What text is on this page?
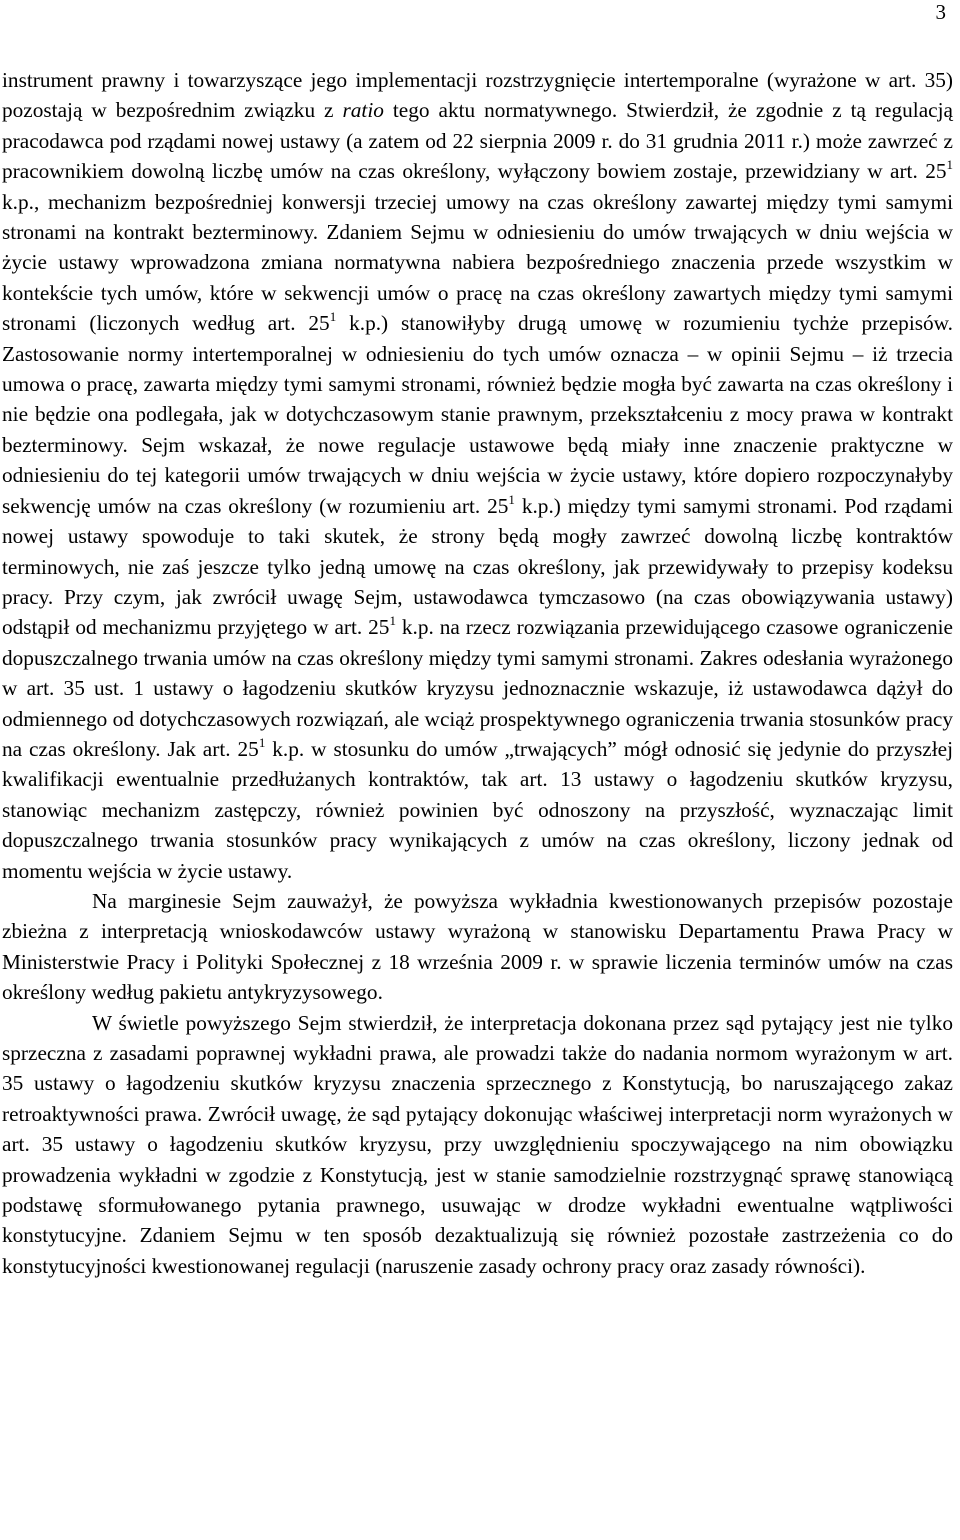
3

instrument prawny i towarzyszące jego implementacji rozstrzygnięcie intertemporalne (wyrażone w art. 35) pozostają w bezpośrednim związku z ratio tego aktu normatywnego. Stwierdził, że zgodnie z tą regulacją pracodawca pod rządami nowej ustawy (a zatem od 22 sierpnia 2009 r. do 31 grudnia 2011 r.) może zawrzeć z pracownikiem dowolną liczbę umów na czas określony, wyłączony bowiem zostaje, przewidziany w art. $25^1$ k.p., mechanizm bezpośredniej konwersji trzeciej umowy na czas określony zawartej między tymi samymi stronami na kontrakt bezterminowy. Zdaniem Sejmu w odniesieniu do umów trwających w dniu wejścia w życie ustawy wprowadzona zmiana normatywna nabiera bezpośredniego znaczenia przede wszystkim w kontekście tych umów, które w sekwencji umów o pracę na czas określony zawartych między tymi samymi stronami (liczonych według art. $25^1$ k.p.) stanowiłyby drugą umowę w rozumieniu tychże przepisów. Zastosowanie normy intertemporalnej w odniesieniu do tych umów oznacza – w opinii Sejmu – iż trzecia umowa o pracę, zawarta między tymi samymi stronami, również będzie mogła być zawarta na czas określony i nie będzie ona podlegała, jak w dotychczasowym stanie prawnym, przekształceniu z mocy prawa w kontrakt bezterminowy. Sejm wskazał, że nowe regulacje ustawowe będą miały inne znaczenie praktyczne w odniesieniu do tej kategorii umów trwających w dniu wejścia w życie ustawy, które dopiero rozpoczynałyby sekwencję umów na czas określony (w rozumieniu art. $25^1$ k.p.) między tymi samymi stronami. Pod rządami nowej ustawy spowoduje to taki skutek, że strony będą mogły zawrzeć dowolną liczbę kontraktów terminowych, nie zaś jeszcze tylko jedną umowę na czas określony, jak przewidywały to przepisy kodeksu pracy. Przy czym, jak zwrócił uwagę Sejm, ustawodawca tymczasowo (na czas obowiązywania ustawy) odstąpił od mechanizmu przyjętego w art. $25^1$ k.p. na rzecz rozwiązania przewidującego czasowe ograniczenie dopuszczalnego trwania umów na czas określony między tymi samymi stronami. Zakres odesłania wyrażonego w art. 35 ust. 1 ustawy o łagodzeniu skutków kryzysu jednoznacznie wskazuje, iż ustawodawca dążył do odmiennego od dotychczasowych rozwiązań, ale wciąż prospektywnego ograniczenia trwania stosunków pracy na czas określony. Jak art. $25^1$ k.p. w stosunku do umów „trwających” mógł odnosić się jedynie do przyszłej kwalifikacji ewentualnie przedłużanych kontraktów, tak art. 13 ustawy o łagodzeniu skutków kryzysu, stanowiąc mechanizm zastępczy, również powinien być odnoszony na przyszłość, wyznaczając limit dopuszczalnego trwania stosunków pracy wynikających z umów na czas określony, liczony jednak od momentu wejścia w życie ustawy.

Na marginesie Sejm zauważył, że powyższa wykładnia kwestionowanych przepisów pozostaje zbieżna z interpretacją wnioskodawców ustawy wyrażoną w stanowisku Departamentu Prawa Pracy w Ministerstwie Pracy i Polityki Społecznej z 18 września 2009 r. w sprawie liczenia terminów umów na czas określony według pakietu antykryzysowego.

W świetle powyższego Sejm stwierdził, że interpretacja dokonana przez sąd pytający jest nie tylko sprzeczna z zasadami poprawnej wykładni prawa, ale prowadzi także do nadania normom wyrażonym w art. 35 ustawy o łagodzeniu skutków kryzysu znaczenia sprzecznego z Konstytucją, bo naruszającego zakaz retroaktywności prawa. Zwrócił uwagę, że sąd pytający dokonując właściwej interpretacji norm wyrażonych w art. 35 ustawy o łagodzeniu skutków kryzysu, przy uwzględnieniu spoczywającego na nim obowiązku prowadzenia wykładni w zgodzie z Konstytucją, jest w stanie samodzielnie rozstrzygnąć sprawę stanowiącą podstawę sformułowanego pytania prawnego, usuwając w drodze wykładni ewentualne wątpliwości konstytucyjne. Zdaniem Sejmu w ten sposób dezaktualizują się również pozostałe zastrzeżenia co do konstytucyjności kwestionowanej regulacji (naruszenie zasady ochrony pracy oraz zasady równości).
